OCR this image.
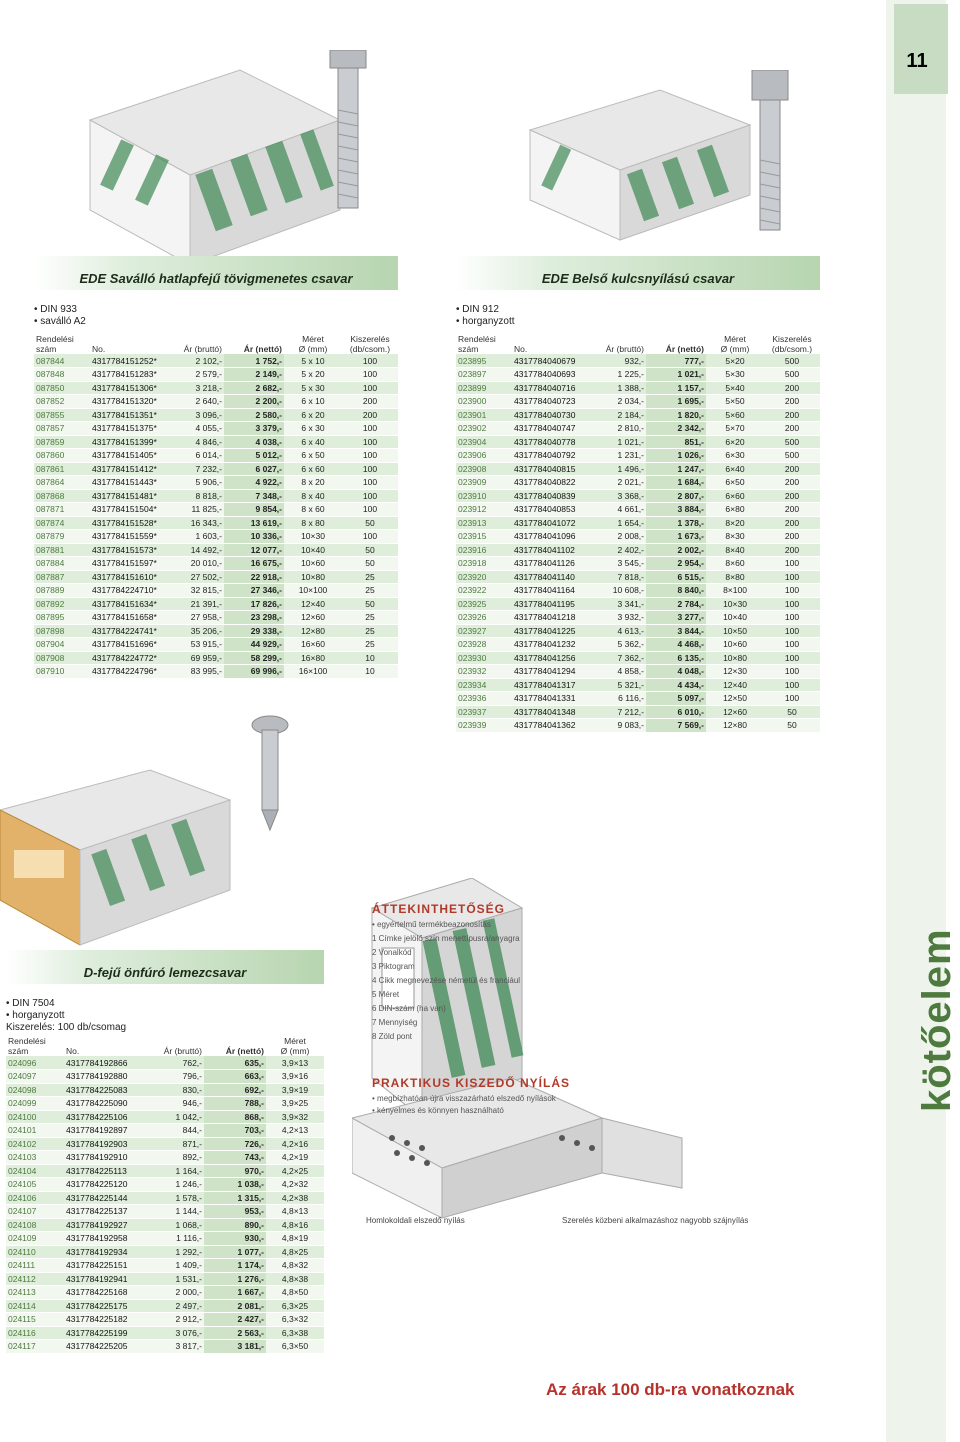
11
kötőelem
EDE Saválló hatlapfejű tövigmenetes csavar
• DIN 933
• saválló A2
Rendelési szám	No.	Ár (bruttó)	Ár (nettó)	Méret
Ø (mm)	Kiszerelés
(db/csom.)
087844	4317784151252*	2 102,-	1 752,-	5 x 10	100
087848	4317784151283*	2 579,-	2 149,-	5 x 20	100
087850	4317784151306*	3 218,-	2 682,-	5 x 30	100
087852	4317784151320*	2 640,-	2 200,-	6 x 10	200
087855	4317784151351*	3 096,-	2 580,-	6 x 20	200
087857	4317784151375*	4 055,-	3 379,-	6 x 30	100
087859	4317784151399*	4 846,-	4 038,-	6 x 40	100
087860	4317784151405*	6 014,-	5 012,-	6 x 50	100
087861	4317784151412*	7 232,-	6 027,-	6 x 60	100
087864	4317784151443*	5 906,-	4 922,-	8 x 20	100
087868	4317784151481*	8 818,-	7 348,-	8 x 40	100
087871	4317784151504*	11 825,-	9 854,-	8 x 60	100
087874	4317784151528*	16 343,-	13 619,-	8 x 80	50
087879	4317784151559*	1 603,-	10 336,-	10×30	100
087881	4317784151573*	14 492,-	12 077,-	10×40	50
087884	4317784151597*	20 010,-	16 675,-	10×60	50
087887	4317784151610*	27 502,-	22 918,-	10×80	25
087889	4317784224710*	32 815,-	27 346,-	10×100	25
087892	4317784151634*	21 391,-	17 826,-	12×40	50
087895	4317784151658*	27 958,-	23 298,-	12×60	25
087898	4317784224741*	35 206,-	29 338,-	12×80	25
087904	4317784151696*	53 915,-	44 929,-	16×60	25
087908	4317784224772*	69 959,-	58 299,-	16×80	10
087910	4317784224796*	83 995,-	69 996,-	16×100	10
EDE Belső kulcsnyílású csavar
• DIN 912
• horganyzott
Rendelési szám	No.	Ár (bruttó)	Ár (nettó)	Méret
Ø (mm)	Kiszerelés
(db/csom.)
023895	4317784040679	932,-	777,-	5×20	500
023897	4317784040693	1 225,-	1 021,-	5×30	500
023899	4317784040716	1 388,-	1 157,-	5×40	200
023900	4317784040723	2 034,-	1 695,-	5×50	200
023901	4317784040730	2 184,-	1 820,-	5×60	200
023902	4317784040747	2 810,-	2 342,-	5×70	200
023904	4317784040778	1 021,-	851,-	6×20	500
023906	4317784040792	1 231,-	1 026,-	6×30	500
023908	4317784040815	1 496,-	1 247,-	6×40	200
023909	4317784040822	2 021,-	1 684,-	6×50	200
023910	4317784040839	3 368,-	2 807,-	6×60	200
023912	4317784040853	4 661,-	3 884,-	6×80	200
023913	4317784041072	1 654,-	1 378,-	8×20	200
023915	4317784041096	2 008,-	1 673,-	8×30	200
023916	4317784041102	2 402,-	2 002,-	8×40	200
023918	4317784041126	3 545,-	2 954,-	8×60	100
023920	4317784041140	7 818,-	6 515,-	8×80	100
023922	4317784041164	10 608,-	8 840,-	8×100	100
023925	4317784041195	3 341,-	2 784,-	10×30	100
023926	4317784041218	3 932,-	3 277,-	10×40	100
023927	4317784041225	4 613,-	3 844,-	10×50	100
023928	4317784041232	5 362,-	4 468,-	10×60	100
023930	4317784041256	7 362,-	6 135,-	10×80	100
023932	4317784041294	4 858,-	4 048,-	12×30	100
023934	4317784041317	5 321,-	4 434,-	12×40	100
023936	4317784041331	6 116,-	5 097,-	12×50	100
023937	4317784041348	7 212,-	6 010,-	12×60	50
023939	4317784041362	9 083,-	7 569,-	12×80	50
D-fejű önfúró lemezcsavar
• DIN 7504
• horganyzott
Kiszerelés: 100 db/csomag
Rendelési szám	No.	Ár (bruttó)	Ár (nettó)	Méret
Ø (mm)
024096	4317784192866	762,-	635,-	3,9×13
024097	4317784192880	796,-	663,-	3,9×16
024098	4317784225083	830,-	692,-	3,9×19
024099	4317784225090	946,-	788,-	3,9×25
024100	4317784225106	1 042,-	868,-	3,9×32
024101	4317784192897	844,-	703,-	4,2×13
024102	4317784192903	871,-	726,-	4,2×16
024103	4317784192910	892,-	743,-	4,2×19
024104	4317784225113	1 164,-	970,-	4,2×25
024105	4317784225120	1 246,-	1 038,-	4,2×32
024106	4317784225144	1 578,-	1 315,-	4,2×38
024107	4317784225137	1 144,-	953,-	4,8×13
024108	4317784192927	1 068,-	890,-	4,8×16
024109	4317784192958	1 116,-	930,-	4,8×19
024110	4317784192934	1 292,-	1 077,-	4,8×25
024111	4317784225151	1 409,-	1 174,-	4,8×32
024112	4317784192941	1 531,-	1 276,-	4,8×38
024113	4317784225168	2 000,-	1 667,-	4,8×50
024114	4317784225175	2 497,-	2 081,-	6,3×25
024115	4317784225182	2 912,-	2 427,-	6,3×32
024116	4317784225199	3 076,-	2 563,-	6,3×38
024117	4317784225205	3 817,-	3 181,-	6,3×50
ÁTTEKINTHETŐSÉG
• egyértelmű termékbeazonosítás
1 Címke jelölő szín menettípusra/anyagra
2 Vonalkód
3 Piktogram
4 Cikk megnevezése németül és franciául
5 Méret
6 DIN-szám (ha van)
7 Mennyiség
8 Zöld pont
PRAKTIKUS KISZEDŐ NYÍLÁS
• megbízhatóan újra visszazárható elszedő nyílások
• kényelmes és könnyen használható
Homlokoldali elszedő nyílás	Szerelés közbeni alkalmazáshoz nagyobb szájnyílás
Az árak 100 db-ra vonatkoznak
